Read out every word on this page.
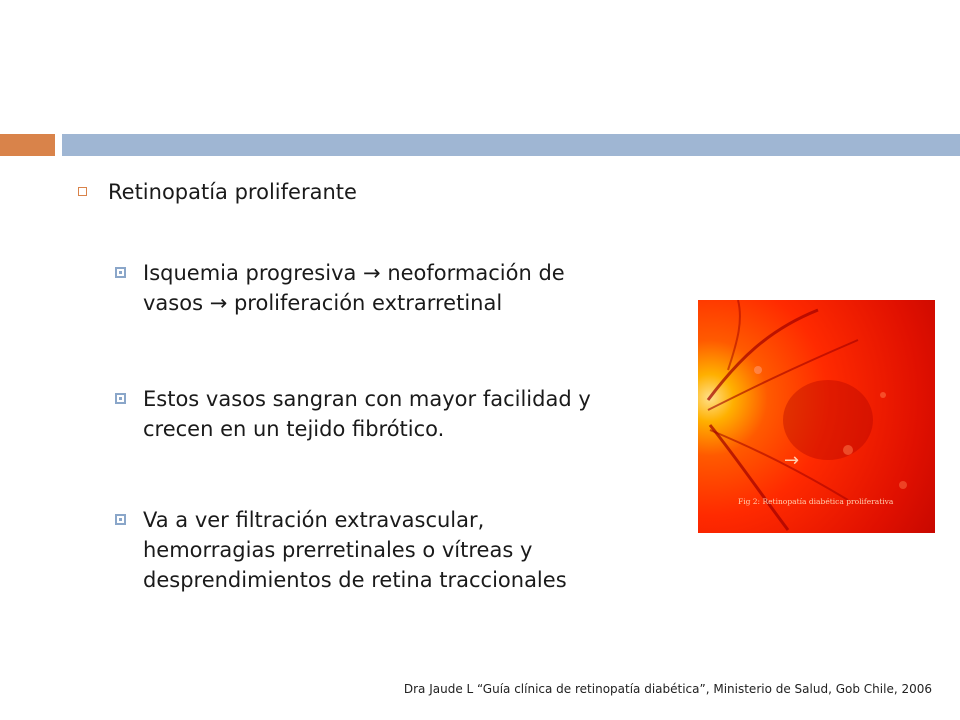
Retinopatía proliferante
Isquemia progresiva → neoformación de
vasos → proliferación extrarretinal
Estos vasos sangran con mayor facilidad y
crecen en un tejido fibrótico.
Va a ver filtración extravascular,
hemorragias prerretinales o vítreas y
desprendimientos de retina traccionales
→
Fig 2: Retinopatía diabética proliferativa
Dra Jaude L “Guía clínica de retinopatía diabética”, Ministerio de Salud, Gob Chile, 2006
